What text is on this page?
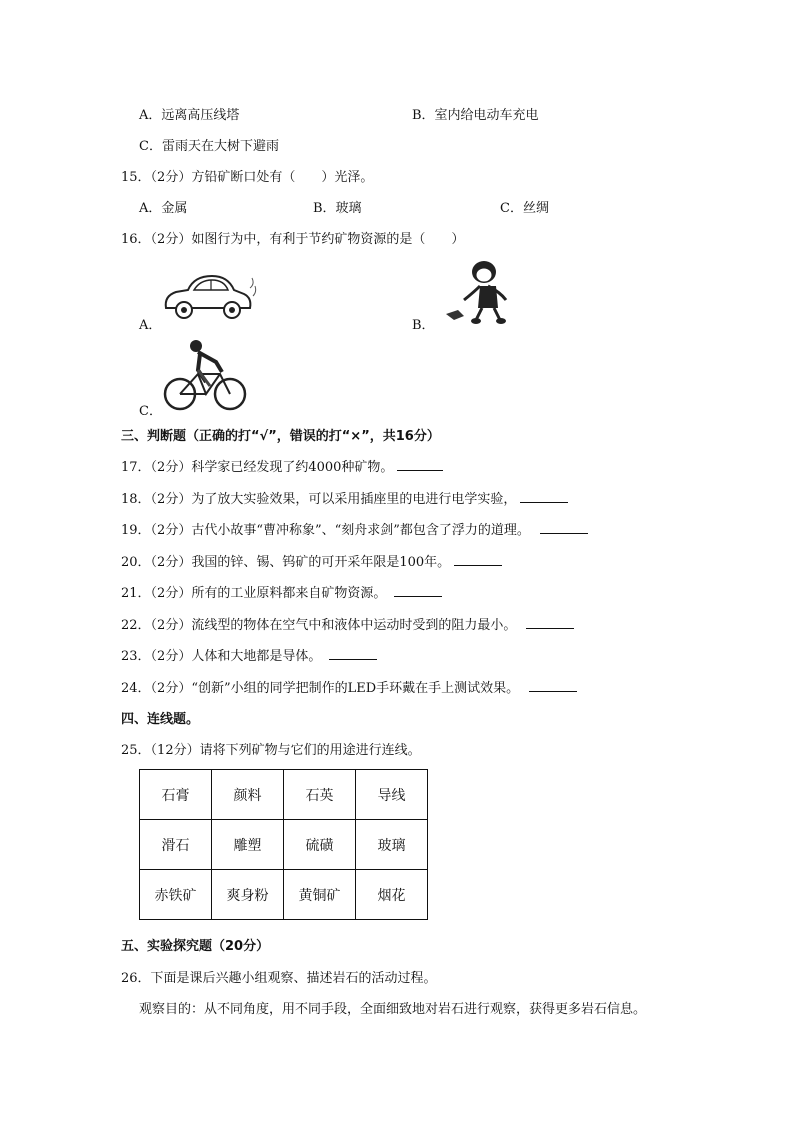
A．远离高压线塔	B．室内给电动车充电
C．雷雨天在大树下避雨
15．（2分）方铅矿断口处有（　　）光泽。
A．金属	B．玻璃	C．丝绸
16．（2分）如图行为中，有利于节约矿物资源的是（　　）
A．	B．
C．
三、判断题（正确的打“√”，错误的打“×”，共16分）
17．（2分）科学家已经发现了约4000种矿物。
18．（2分）为了放大实验效果，可以采用插座里的电进行电学实验，
19．（2分）古代小故事“曹冲称象”、“刻舟求剑”都包含了浮力的道理。
20．（2分）我国的锌、锡、钨矿的可开采年限是100年。
21．（2分）所有的工业原料都来自矿物资源。
22．（2分）流线型的物体在空气中和液体中运动时受到的阻力最小。
23．（2分）人体和大地都是导体。
24．（2分）“创新”小组的同学把制作的LED手环戴在手上测试效果。
四、连线题。
25．（12分）请将下列矿物与它们的用途进行连线。
石膏	颜料	石英	导线
滑石	雕塑	硫磺	玻璃
赤铁矿	爽身粉	黄铜矿	烟花
五、实验探究题（20分）
26．下面是课后兴趣小组观察、描述岩石的活动过程。
观察目的：从不同角度，用不同手段，全面细致地对岩石进行观察，获得更多岩石信息。
